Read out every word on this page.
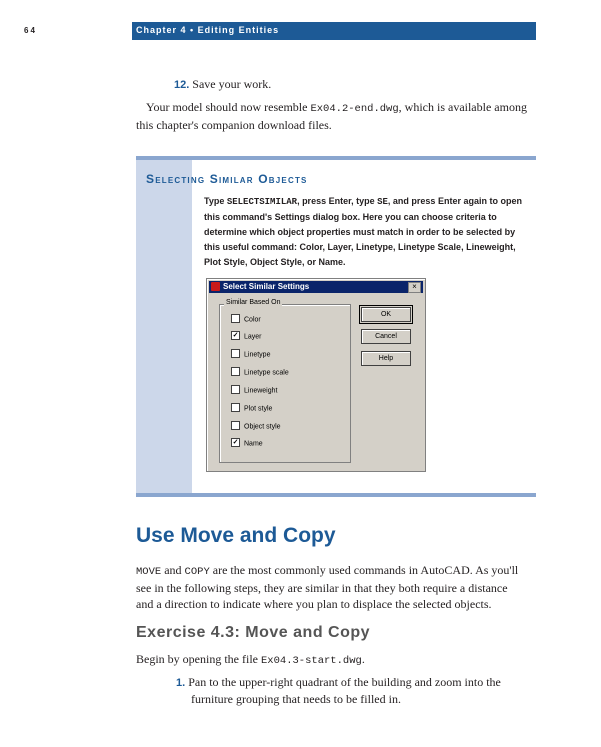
64	Chapter 4 • Editing Entities
12. Save your work.
Your model should now resemble Ex04.2-end.dwg, which is available among
this chapter's companion download files.
Selecting Similar Objects
Type SELECTSIMILAR, press Enter, type SE, and press Enter again to open this command's Settings dialog box. Here you can choose criteria to determine which object properties must match in order to be selected by this useful command: Color, Layer, Linetype, Linetype Scale, Lineweight, Plot Style, Object Style, or Name.
Select Similar Settings	×
Similar Based On
Color
✓ Layer
Linetype
Linetype scale
Lineweight
Plot style
Object style
✓ Name
OK
Cancel
Help
Use Move and Copy
MOVE and COPY are the most commonly used commands in AutoCAD. As you'll
see in the following steps, they are similar in that they both require a distance
and a direction to indicate where you plan to displace the selected objects.
Exercise 4.3: Move and Copy
Begin by opening the file Ex04.3-start.dwg.
1. Pan to the upper-right quadrant of the building and zoom into the
furniture grouping that needs to be filled in.
